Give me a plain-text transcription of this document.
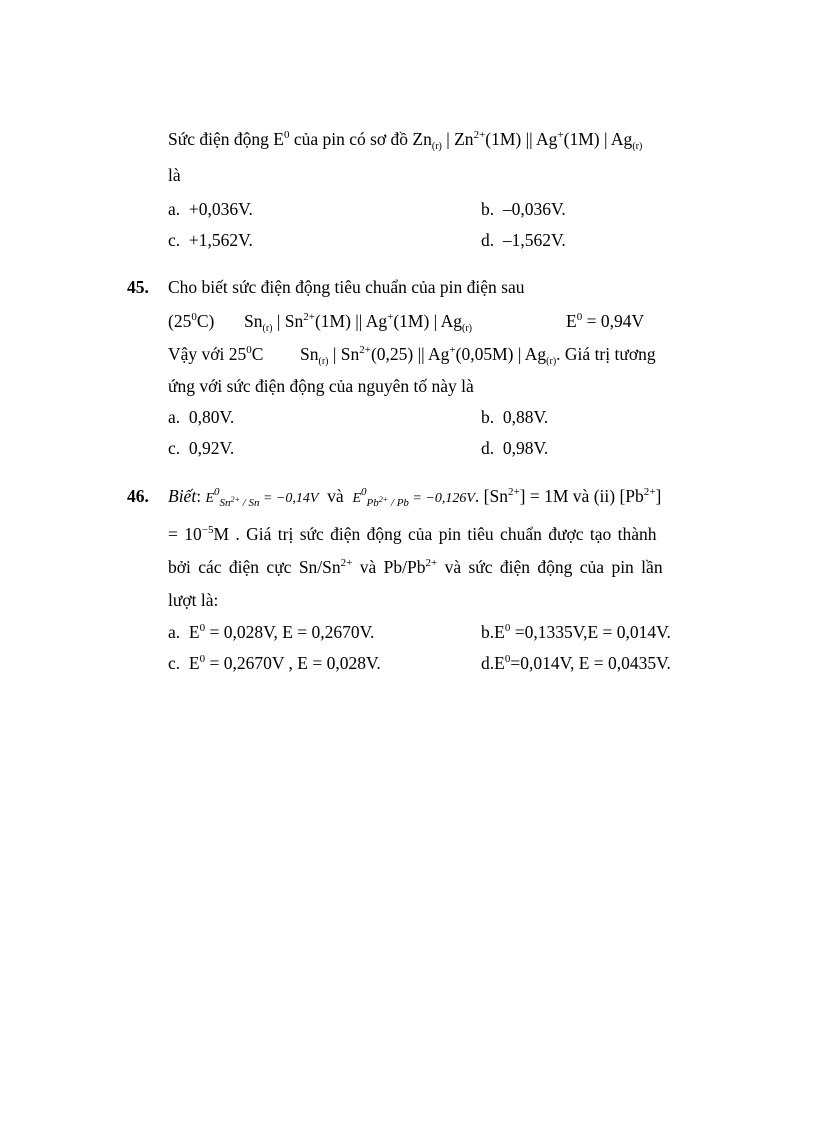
Sức điện động $E^0$ của pin có sơ đồ $Zn_{(r)}$ | $Zn^{2+}(1M)$ || Ag+(1M) | $Ag_{(r)}$
là
a. +0,036V.	b. –0,036V.
c. +1,562V.	d. –1,562V.
45. Cho biết sức điện động tiêu chuẩn của pin điện sau
$(25^0C)$ $Sn_{(r)}$ | $Sn^{2+}(1M)$ || Ag+(1M) | $Ag_{(r)}$	$E^0 = 0,94V$
Vậy với $25^0C$ $Sn_{(r)}$ | $Sn^{2+}(0,25)$ || Ag+(0,05M) | $Ag_{(r)}$. Giá trị tương
ứng với sức điện động của nguyên tố này là
a. 0,80V.	b. 0,88V.
c. 0,92V.	d. 0,98V.
46. Biết: $E^0_{Sn^{2+} / Sn} = -0,14V$ và $E^0_{Pb^{2+} / Pb} = -0,126V$. $[Sn^{2+}] = 1M$ và (ii) $[Pb^{2+}]$
= $10^{-5}M$ . Giá trị sức điện động của pin tiêu chuẩn được tạo thành
bởi các điện cực $Sn/Sn^{2+}$ và $Pb/Pb^{2+}$ và sức điện động của pin lần
lượt là:
a. $E^0 = 0,028V$, E = 0,2670V.	$b.E^0 =0,1335V,E = 0,014V$.
c. $E^0 = 0,2670V$ , E = 0,028V.	$d.E^0=0,014V$, E = 0,0435V.
